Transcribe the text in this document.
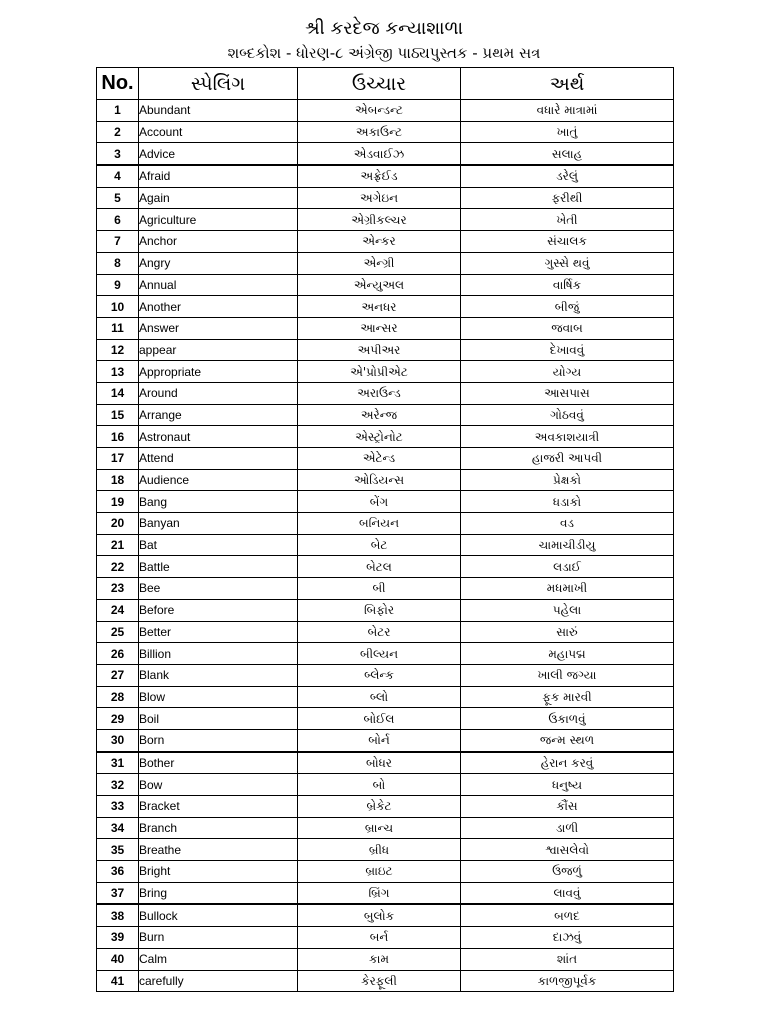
શ્રી કરદેજ કન્યાશાળા
શબ્દકોશ - ધોરણ-૮ અંગ્રેજી પાઠ્યપુસ્તક - પ્રથમ સત્ર
No.	સ્પેલિંગ	ઉચ્ચાર	અર્થ
1	Abundant	એબન્ડન્ટ	વધારે માત્રામાં
2	Account	અકાઉન્ટ	ખાતું
3	Advice	એડવાઈઝ	સલાહ
4	Afraid	અફ્રેઈડ	ડરેલું
5	Again	અગેઇન	ફરીથી
6	Agriculture	એગ્રીકલ્ચર	ખેતી
7	Anchor	એન્કર	સંચાલક
8	Angry	એન્ગ્રી	ગુસ્સે થવું
9	Annual	એન્યુઅલ	વાર્ષિક
10	Another	અનધર	બીજું
11	Answer	આન્સર	જવાબ
12	appear	અપીઅર	દેખાવવું
13	Appropriate	એ'પ્રોપ્રીએટ	યોગ્ય
14	Around	અરાઉન્ડ	આસપાસ
15	Arrange	અરેન્જ	ગોઠવવું
16	Astronaut	એસ્ટ્રોનોટ	અવકાશયાત્રી
17	Attend	એટેન્ડ	હાજરી આપવી
18	Audience	ઓડિયન્સ	પ્રેક્ષકો
19	Bang	બેંગ	ધડાકો
20	Banyan	બનિયન	વડ
21	Bat	બેટ	ચામાચીડીયુ
22	Battle	બેટલ	લડાઈ
23	Bee	બી	મધમાખી
24	Before	બિફોર	પહેલા
25	Better	બેટર	સારું
26	Billion	બીલ્યન	મહાપદ્મ
27	Blank	બ્લેન્ક	ખાલી જગ્યા
28	Blow	બ્લો	ફૂક મારવી
29	Boil	બોઈલ	ઉકાળવું
30	Born	બોર્ન	જન્મ સ્થળ
31	Bother	બોધર	હેરાન કરવું
32	Bow	બો	ધનુષ્ય
33	Bracket	બ્રેકેટ	કૌંસ
34	Branch	બ્રાન્ચ	ડાળી
35	Breathe	બ્રીધ	શ્વાસલેવો
36	Bright	બ્રાઇટ	ઉજળું
37	Bring	બ્રિંગ	લાવવું
38	Bullock	બુલોક	બળદ
39	Burn	બર્ન	દાઝવું
40	Calm	કામ	શાંત
41	carefully	કેરફૂલી	કાળજીપૂર્વક
